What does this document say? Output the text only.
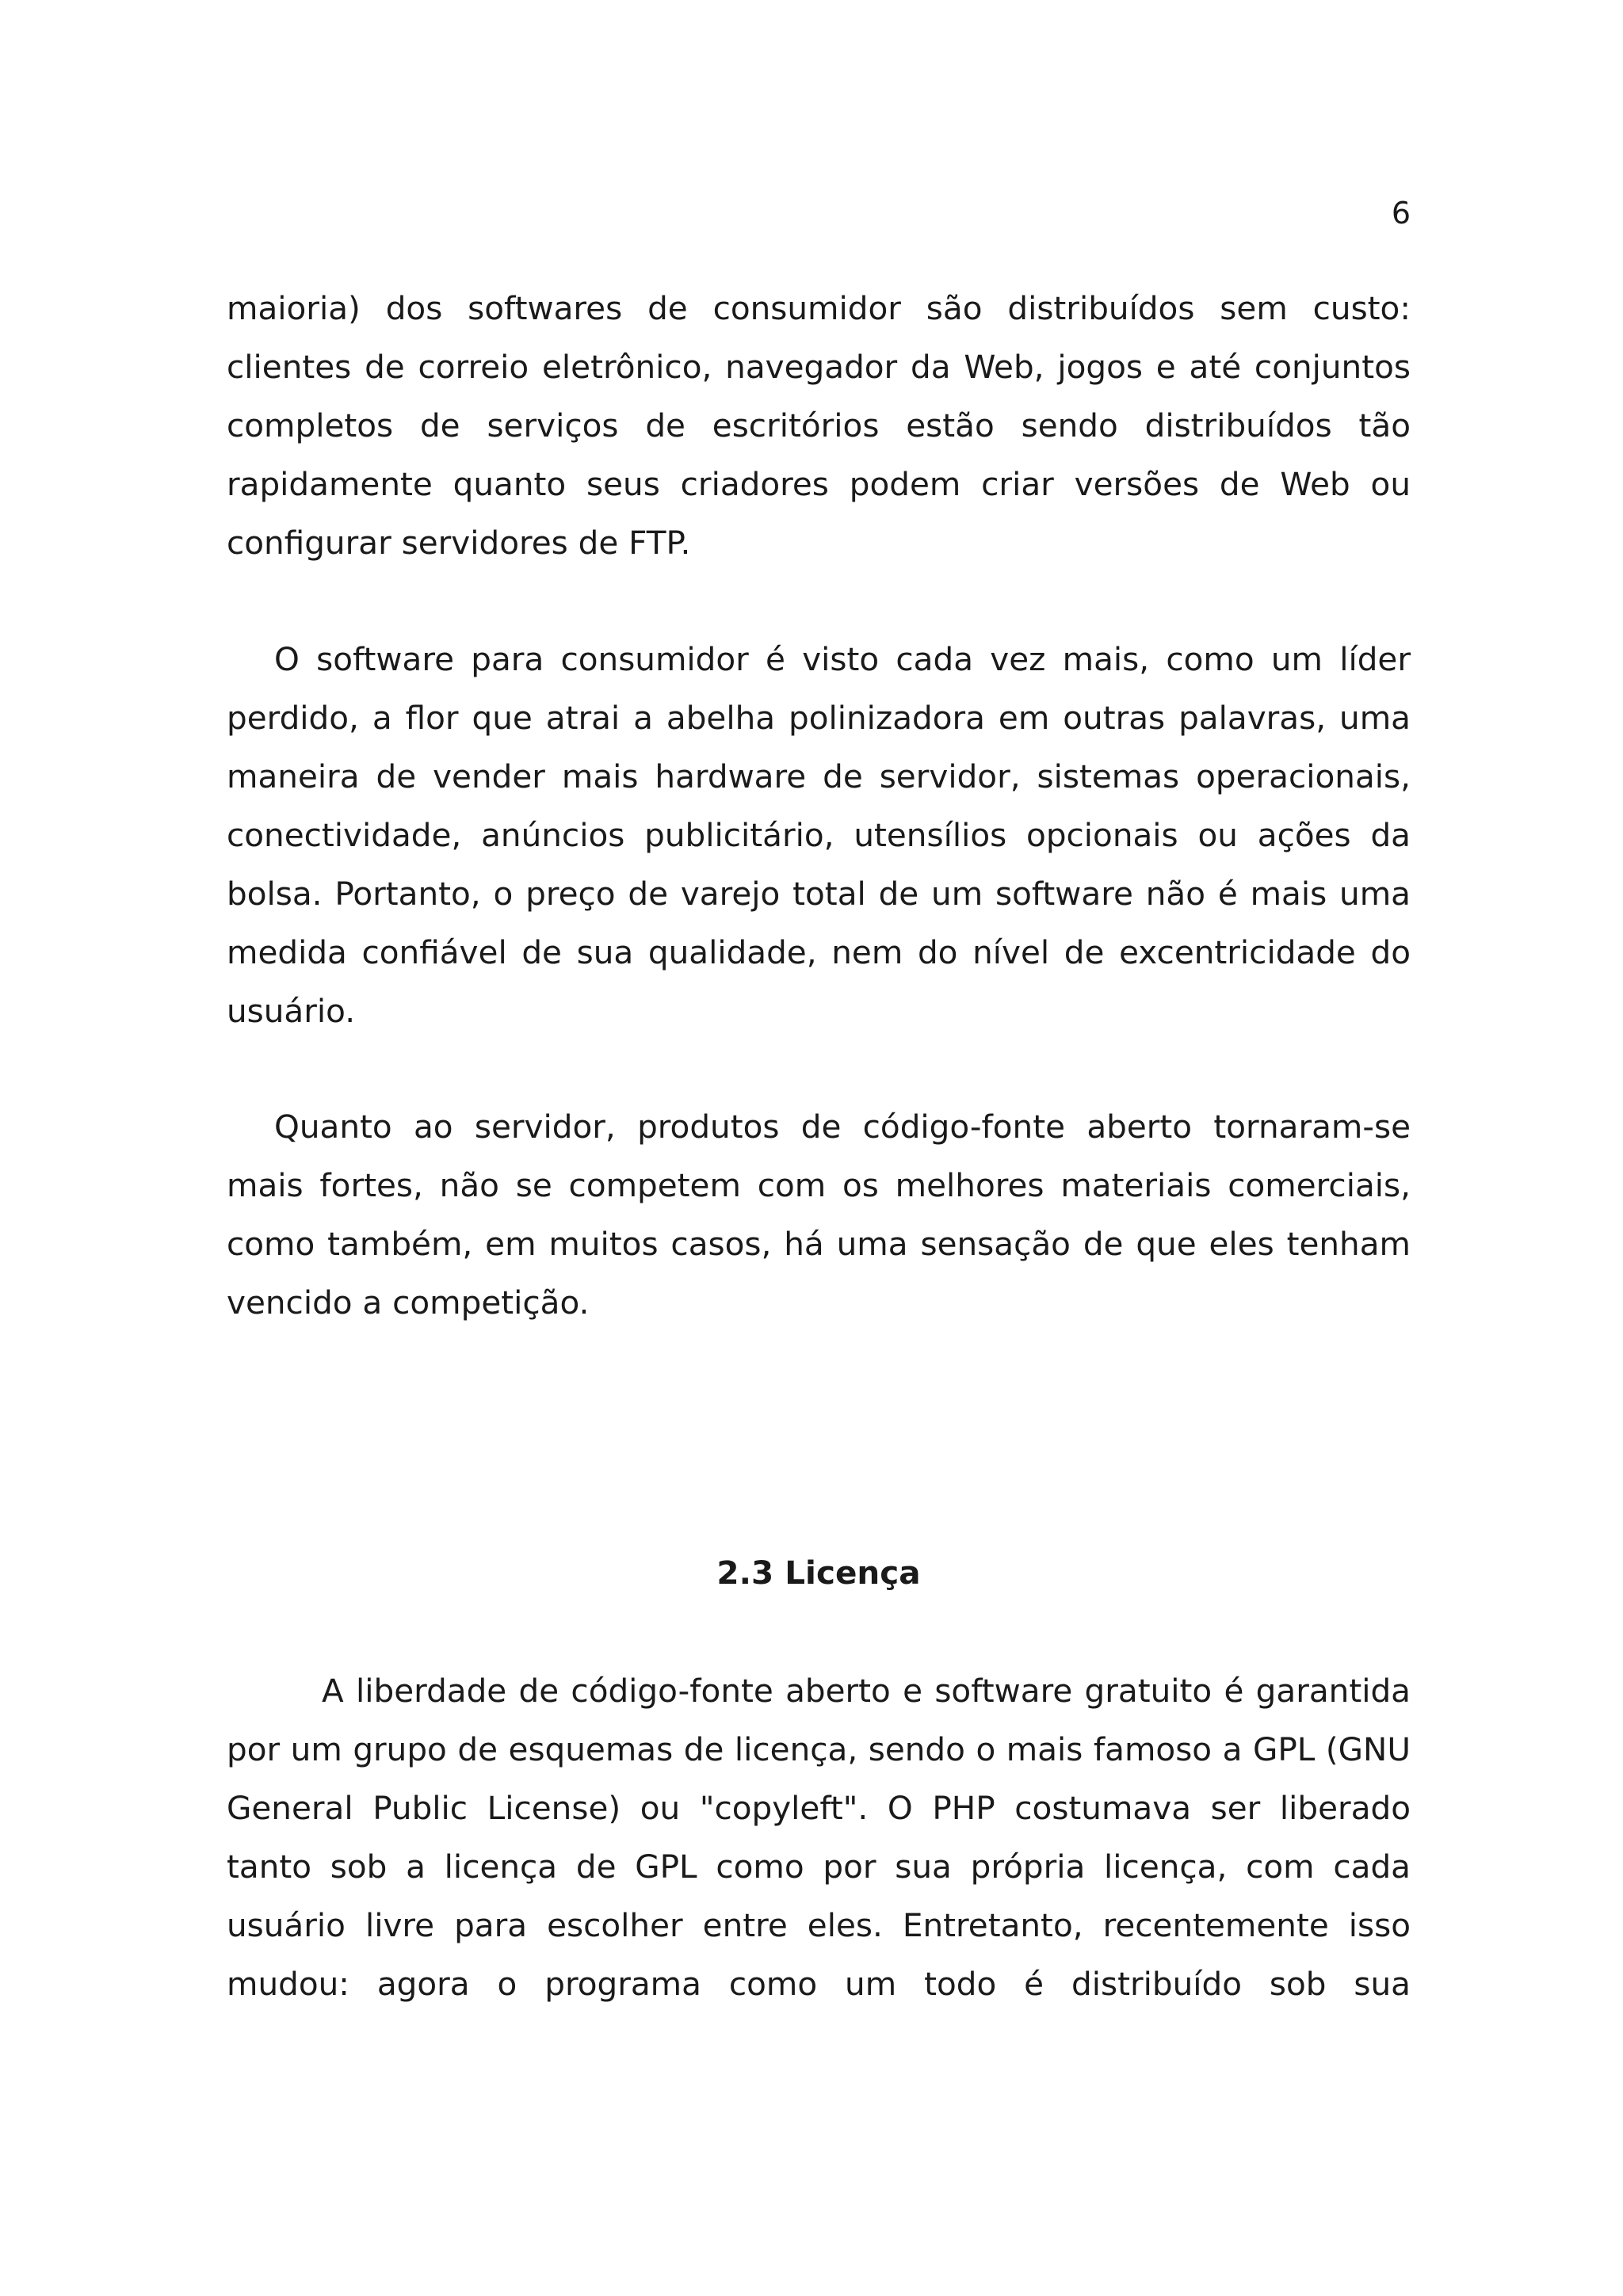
6

maioria) dos softwares de consumidor são distribuídos sem custo: clientes de correio eletrônico, navegador da Web, jogos e até conjuntos completos de serviços de escritórios estão sendo distribuídos tão rapidamente quanto seus criadores podem criar versões de Web ou configurar servidores de FTP.

O software para consumidor é visto cada vez mais, como um líder perdido, a flor que atrai a abelha polinizadora em outras palavras, uma maneira de vender mais hardware de servidor, sistemas operacionais, conectividade, anúncios publicitário, utensílios opcionais ou ações da bolsa. Portanto, o preço de varejo total de um software não é mais uma medida confiável de sua qualidade, nem do nível de excentricidade do usuário.

Quanto ao servidor, produtos de código-fonte aberto tornaram-se mais fortes, não se competem com os melhores materiais comerciais, como também, em muitos casos, há uma sensação de que eles tenham vencido a competição.

2.3 Licença

A liberdade de código-fonte aberto e software gratuito é garantida por um grupo de esquemas de licença, sendo o mais famoso a GPL (GNU General Public License) ou "copyleft". O PHP costumava ser liberado tanto sob a licença de GPL como por sua própria licença, com cada usuário livre para escolher entre eles. Entretanto, recentemente isso mudou: agora o programa como um todo é distribuído sob sua
